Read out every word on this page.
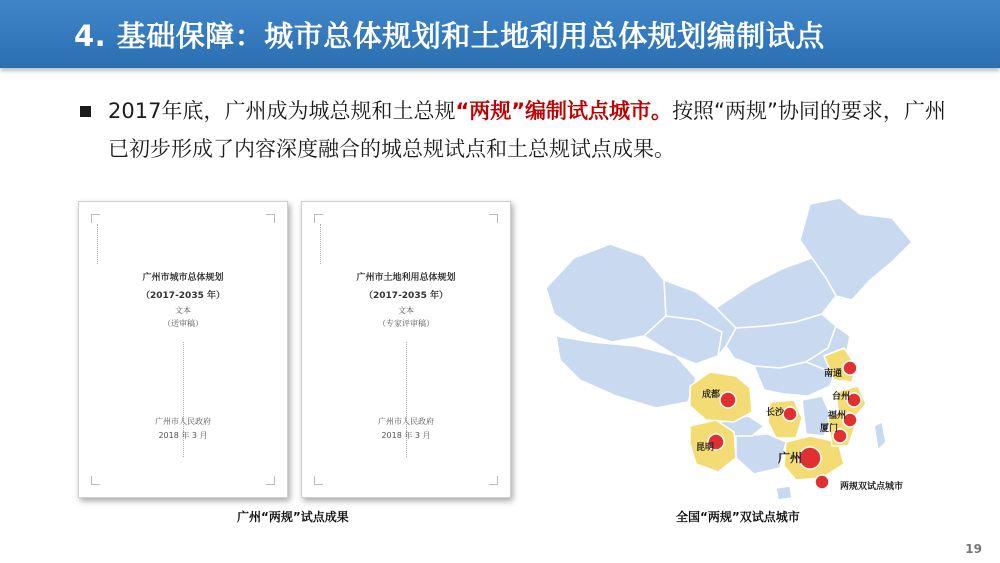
4. 基础保障：城市总体规划和土地利用总体规划编制试点
2017年底，广州成为城总规和土总规“两规”编制试点城市。按照“两规”协同的要求，广州已初步形成了内容深度融合的城总规试点和土总规试点成果。
广州市城市总体规划
（2017-2035 年）
文本
（送审稿）
广州市人民政府
2018 年 3 月
广州市土地利用总体规划
（2017-2035 年）
文本
（专家评审稿）
广州市人民政府
2018 年 3 月
广州“两规”试点成果
成都
昆明
长沙
南通
台州
福州
厦门
广州
两规双试点城市
全国“两规”双试点城市
19
